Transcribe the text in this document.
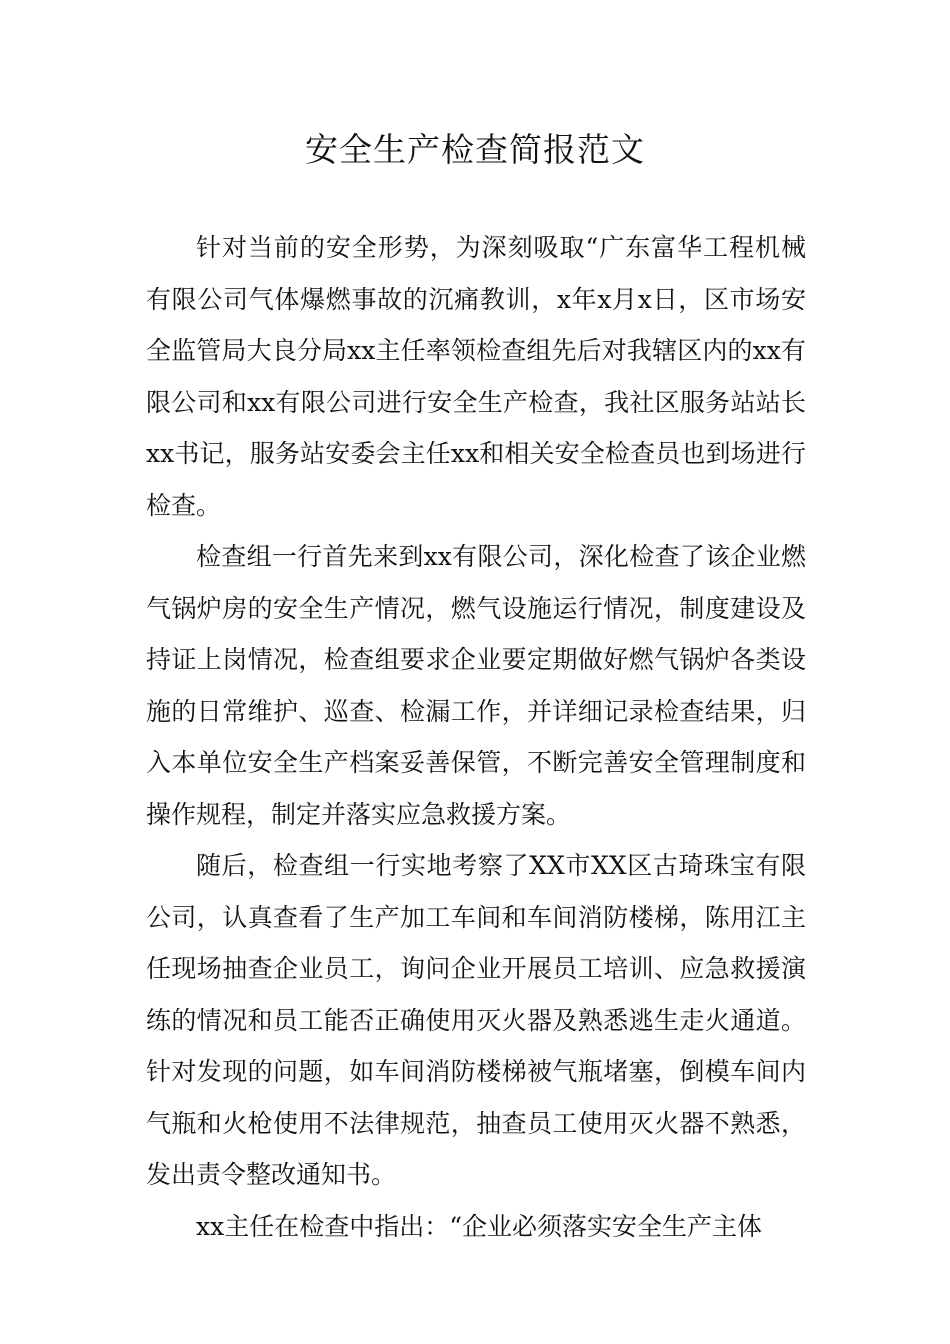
安全生产检查简报范文

针对当前的安全形势，为深刻吸取“广东富华工程机械有限公司气体爆燃事故的沉痛教训，x年x月x日，区市场安全监管局大良分局xx主任率领检查组先后对我辖区内的xx有限公司和xx有限公司进行安全生产检查，我社区服务站站长xx书记，服务站安委会主任xx和相关安全检查员也到场进行检查。

检查组一行首先来到xx有限公司，深化检查了该企业燃气锅炉房的安全生产情况，燃气设施运行情况，制度建设及持证上岗情况，检查组要求企业要定期做好燃气锅炉各类设施的日常维护、巡查、检漏工作，并详细记录检查结果，归入本单位安全生产档案妥善保管，不断完善安全管理制度和操作规程，制定并落实应急救援方案。

随后，检查组一行实地考察了XX市XX区古琦珠宝有限公司，认真查看了生产加工车间和车间消防楼梯，陈用江主任现场抽查企业员工，询问企业开展员工培训、应急救援演练的情况和员工能否正确使用灭火器及熟悉逃生走火通道。针对发现的问题，如车间消防楼梯被气瓶堵塞，倒模车间内气瓶和火枪使用不法律规范，抽查员工使用灭火器不熟悉，发出责令整改通知书。

xx主任在检查中指出：“企业必须落实安全生产主体
